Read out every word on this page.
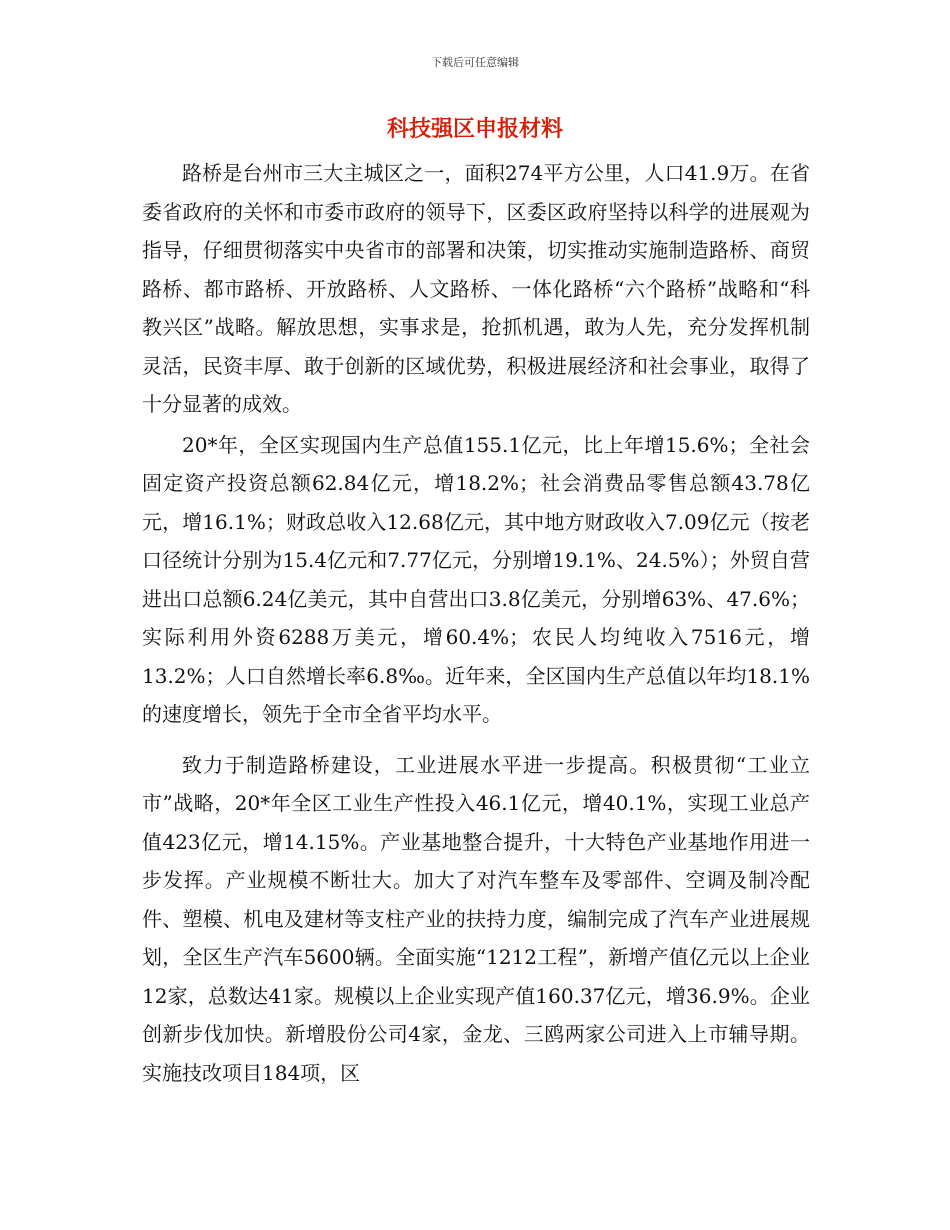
下载后可任意编辑
科技强区申报材料

路桥是台州市三大主城区之一，面积274平方公里，人口41.9万。在省委省政府的关怀和市委市政府的领导下，区委区政府坚持以科学的进展观为指导，仔细贯彻落实中央省市的部署和决策，切实推动实施制造路桥、商贸路桥、都市路桥、开放路桥、人文路桥、一体化路桥“六个路桥”战略和“科教兴区”战略。解放思想，实事求是，抢抓机遇，敢为人先，充分发挥机制灵活，民资丰厚、敢于创新的区域优势，积极进展经济和社会事业，取得了十分显著的成效。

20*年，全区实现国内生产总值155.1亿元，比上年增15.6%；全社会固定资产投资总额62.84亿元，增18.2%；社会消费品零售总额43.78亿元，增16.1%；财政总收入12.68亿元，其中地方财政收入7.09亿元（按老口径统计分别为15.4亿元和7.77亿元，分别增19.1%、24.5%）；外贸自营进出口总额6.24亿美元，其中自营出口3.8亿美元，分别增63%、47.6%；实际利用外资6288万美元，增60.4%；农民人均纯收入7516元，增13.2%；人口自然增长率6.8‰。近年来，全区国内生产总值以年均18.1%的速度增长，领先于全市全省平均水平。

致力于制造路桥建设，工业进展水平进一步提高。积极贯彻“工业立市”战略，20*年全区工业生产性投入46.1亿元，增40.1%，实现工业总产值423亿元，增14.15%。产业基地整合提升，十大特色产业基地作用进一步发挥。产业规模不断壮大。加大了对汽车整车及零部件、空调及制冷配件、塑模、机电及建材等支柱产业的扶持力度，编制完成了汽车产业进展规划，全区生产汽车5600辆。全面实施“1212工程”，新增产值亿元以上企业12家，总数达41家。规模以上企业实现产值160.37亿元，增36.9%。企业创新步伐加快。新增股份公司4家，金龙、三鸥两家公司进入上市辅导期。实施技改项目184项，区
